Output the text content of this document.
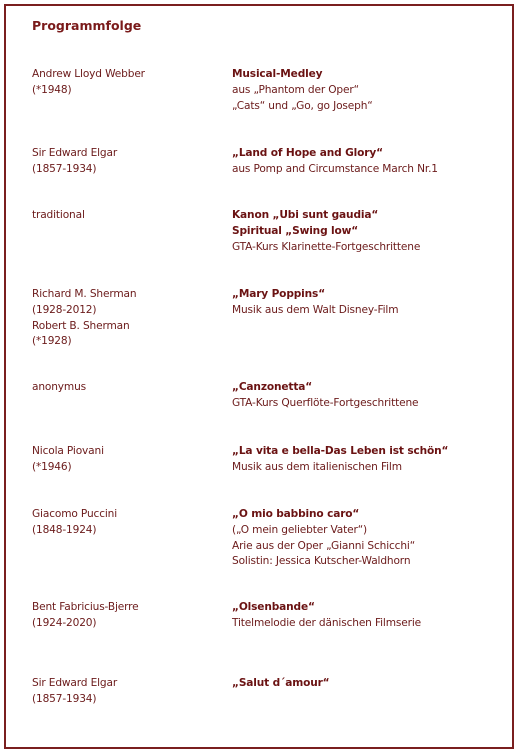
Programmfolge
Andrew Lloyd Webber
(*1948)
Musical-Medley
aus „Phantom der Oper“
„Cats“ und „Go, go Joseph“
Sir Edward Elgar
(1857-1934)
„Land of Hope and Glory“
aus Pomp and Circumstance March Nr.1
traditional	Kanon „Ubi sunt gaudia“
Spiritual „Swing low“
GTA-Kurs Klarinette-Fortgeschrittene
Richard M. Sherman
(1928-2012)
Robert B. Sherman
(*1928)
„Mary Poppins“
Musik aus dem Walt Disney-Film
anonymus	„Canzonetta“
GTA-Kurs Querflöte-Fortgeschrittene
Nicola Piovani
(*1946)
„La vita e bella-Das Leben ist schön“
Musik aus dem italienischen Film
Giacomo Puccini
(1848-1924)
„O mio babbino caro“
(„O mein geliebter Vater“)
Arie aus der Oper „Gianni Schicchi“
Solistin: Jessica Kutscher-Waldhorn
Bent Fabricius-Bjerre
(1924-2020)
„Olsenbande“
Titelmelodie der dänischen Filmserie
Sir Edward Elgar
(1857-1934)
„Salut d´amour“
